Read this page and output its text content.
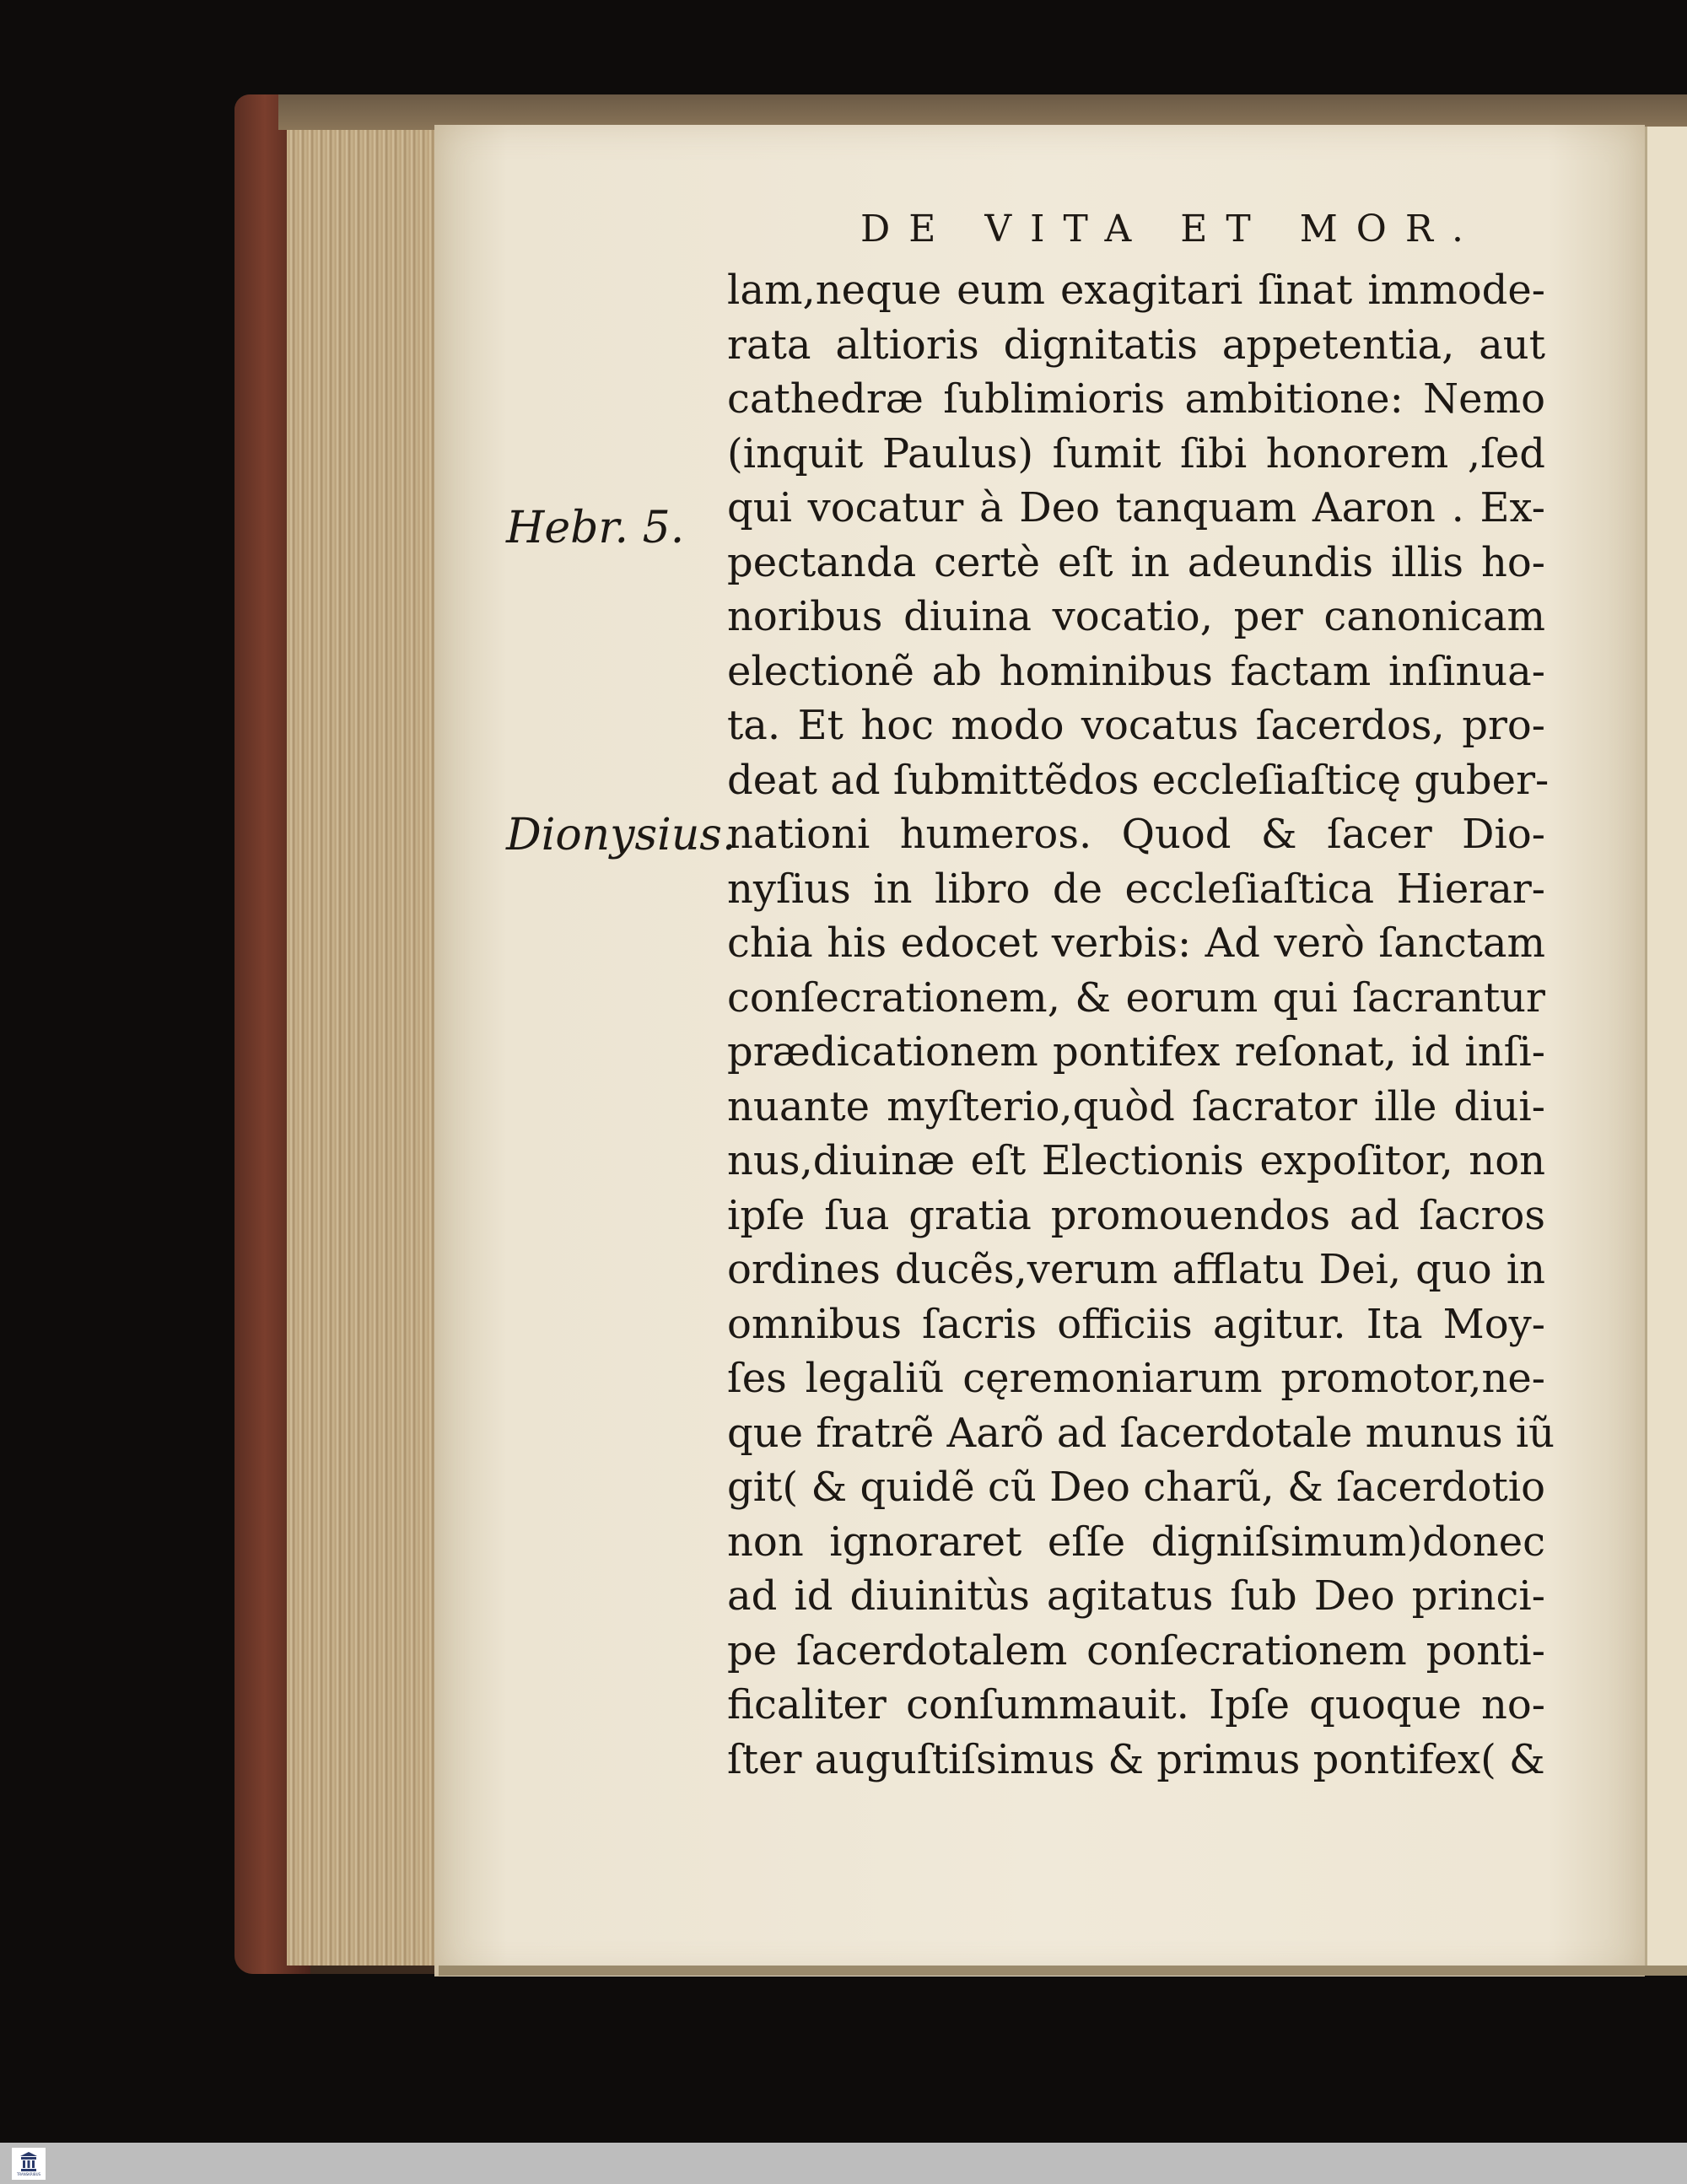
DE VITA ET MOR.
Hebr. 5.
Dionysius.
lam,neque eum exagitari ſinat immode-
rata altioris dignitatis appetentia, aut
cathedræ ſublimioris ambitione: Nemo
(inquit Paulus) ſumit ſibi honorem ,ſed
qui vocatur à Deo tanquam Aaron . Ex-
pectanda certè eſt in adeundis illis ho-
noribus diuina vocatio, per canonicam
electionẽ ab hominibus factam inſinua-
ta. Et hoc modo vocatus ſacerdos, pro-
deat ad ſubmittẽdos eccleſiaſticę guber-
nationi humeros. Quod & ſacer Dio-
nyſius in libro de eccleſiaſtica Hierar-
chia his edocet verbis: Ad verò ſanctam
conſecrationem, & eorum qui ſacrantur
prædicationem pontifex reſonat, id inſi-
nuante myſterio,quòd ſacrator ille diui-
nus,diuinæ eſt Electionis expoſitor, non
ipſe ſua gratia promouendos ad ſacros
ordines ducẽs,verum afflatu Dei, quo in
omnibus ſacris officiis agitur. Ita Moy-
ſes legaliũ cęremoniarum promotor,ne-
que fratrẽ Aarõ ad ſacerdotale munus iũ
git( & quidẽ cũ Deo charũ, & ſacerdotio
non ignoraret eſſe digniſsimum)donec
ad id diuinitùs agitatus ſub Deo princi-
pe ſacerdotalem conſecrationem ponti-
ficaliter conſummauit. Ipſe quoque no-
ſter auguſtiſsimus & primus pontifex( &
TRANSKRIBUS
